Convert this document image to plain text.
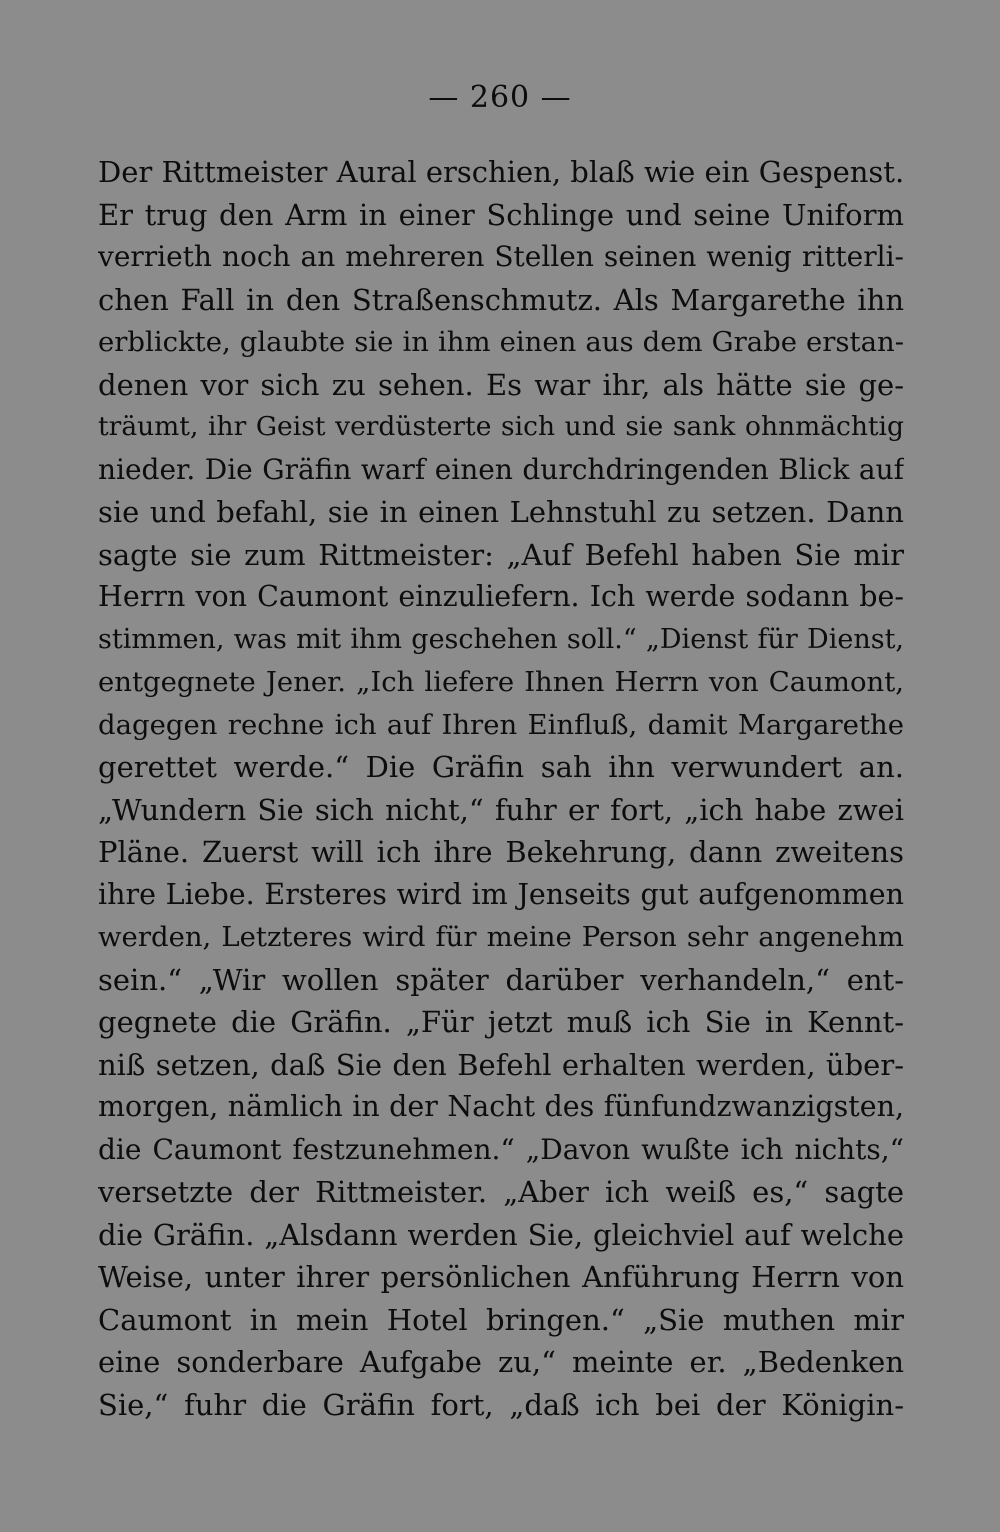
— 260 —
Der Rittmeister Aural erschien, blaß wie ein Gespenst.
Er trug den Arm in einer Schlinge und seine Uniform
verrieth noch an mehreren Stellen seinen wenig ritterli-
chen Fall in den Straßenschmutz. Als Margarethe ihn
erblickte, glaubte sie in ihm einen aus dem Grabe erstan-
denen vor sich zu sehen. Es war ihr, als hätte sie ge-
träumt, ihr Geist verdüsterte sich und sie sank ohnmächtig
nieder. Die Gräfin warf einen durchdringenden Blick auf
sie und befahl, sie in einen Lehnstuhl zu setzen. Dann
sagte sie zum Rittmeister: „Auf Befehl haben Sie mir
Herrn von Caumont einzuliefern. Ich werde sodann be-
stimmen, was mit ihm geschehen soll.“ „Dienst für Dienst,
entgegnete Jener. „Ich liefere Ihnen Herrn von Caumont,
dagegen rechne ich auf Ihren Einfluß, damit Margarethe
gerettet werde.“ Die Gräfin sah ihn verwundert an.
„Wundern Sie sich nicht,“ fuhr er fort, „ich habe zwei
Pläne. Zuerst will ich ihre Bekehrung, dann zweitens
ihre Liebe. Ersteres wird im Jenseits gut aufgenommen
werden, Letzteres wird für meine Person sehr angenehm
sein.“ „Wir wollen später darüber verhandeln,“ ent-
gegnete die Gräfin. „Für jetzt muß ich Sie in Kennt-
niß setzen, daß Sie den Befehl erhalten werden, über-
morgen, nämlich in der Nacht des fünfundzwanzigsten,
die Caumont festzunehmen.“ „Davon wußte ich nichts,“
versetzte der Rittmeister. „Aber ich weiß es,“ sagte
die Gräfin. „Alsdann werden Sie, gleichviel auf welche
Weise, unter ihrer persönlichen Anführung Herrn von
Caumont in mein Hotel bringen.“ „Sie muthen mir
eine sonderbare Aufgabe zu,“ meinte er. „Bedenken
Sie,“ fuhr die Gräfin fort, „daß ich bei der Königin-
